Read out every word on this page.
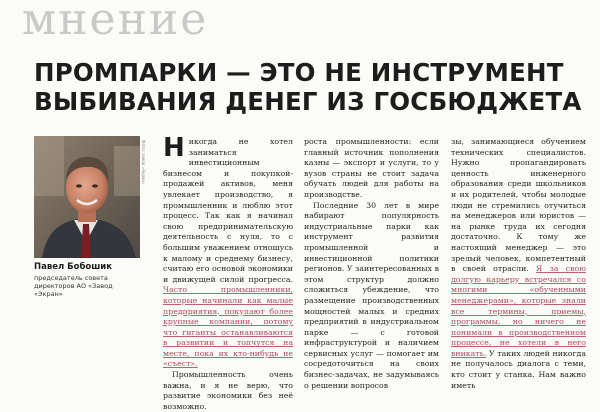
мнение
ПРОМПАРКИ — ЭТО НЕ ИНСТРУМЕНТ
ВЫБИВАНИЯ ДЕНЕГ ИЗ ГОСБЮДЖЕТА
Фото: завод «Экран»

Павел Бобошик

председатель совета директоров АО «Завод «Экран»

Никогда не хотел заниматься инвестиционным бизнесом и покупкой-продажей активов, меня увлекает производство, я промышленник и люблю этот процесс. Так как я начинал свою предпринимательскую деятельность с нуля, то с большим уважением отношусь к малому и среднему бизнесу, считаю его основой экономики и движущей силой прогресса. Часто промышленники, которые начинали как малые предприятия, покупают более крупные компании, потому что гиганты останавливаются в развитии и топчутся на месте, пока их кто-нибудь не «съест».

Промышленность очень важна, и я не верю, что развитие экономики без неё возможно.

роста промышленности: если главный источник пополнения казны — экспорт и услуги, то у вузов страны не стоит задача обучать людей для работы на производстве.

Последние 30 лет в мире набирают популярность индустриальные парки как инструмент развития промышленной и инвестиционной политики регионов. У заинтересованных в этом структур должно сложиться убеждение, что размещение производственных мощностей малых и средних предприятий в индустриальном парке — с готовой инфраструктурой и наличием сервисных услуг — помогает им сосредоточиться на своих бизнес-задачах, не задумываясь о решении вопросов

зы, занимающиеся обучением технических специалистов. Нужно пропагандировать ценность инженерного образования среди школьников и их родителей, чтобы молодые люди не стремились отучиться на менеджеров или юристов — на рынке труда их сегодня достаточно. К тому же настоящий менеджер — это зрелый человек, компетентный в своей отрасли. Я за свою долгую карьеру встречался со многими «обученными менеджерами», которые знали все термины, приемы, программы, но ничего не понимали в производственном процессе, не хотели в него вникать. У таких людей никогда не получалось диалога с теми, кто стоит у станка. Нам важно иметь
